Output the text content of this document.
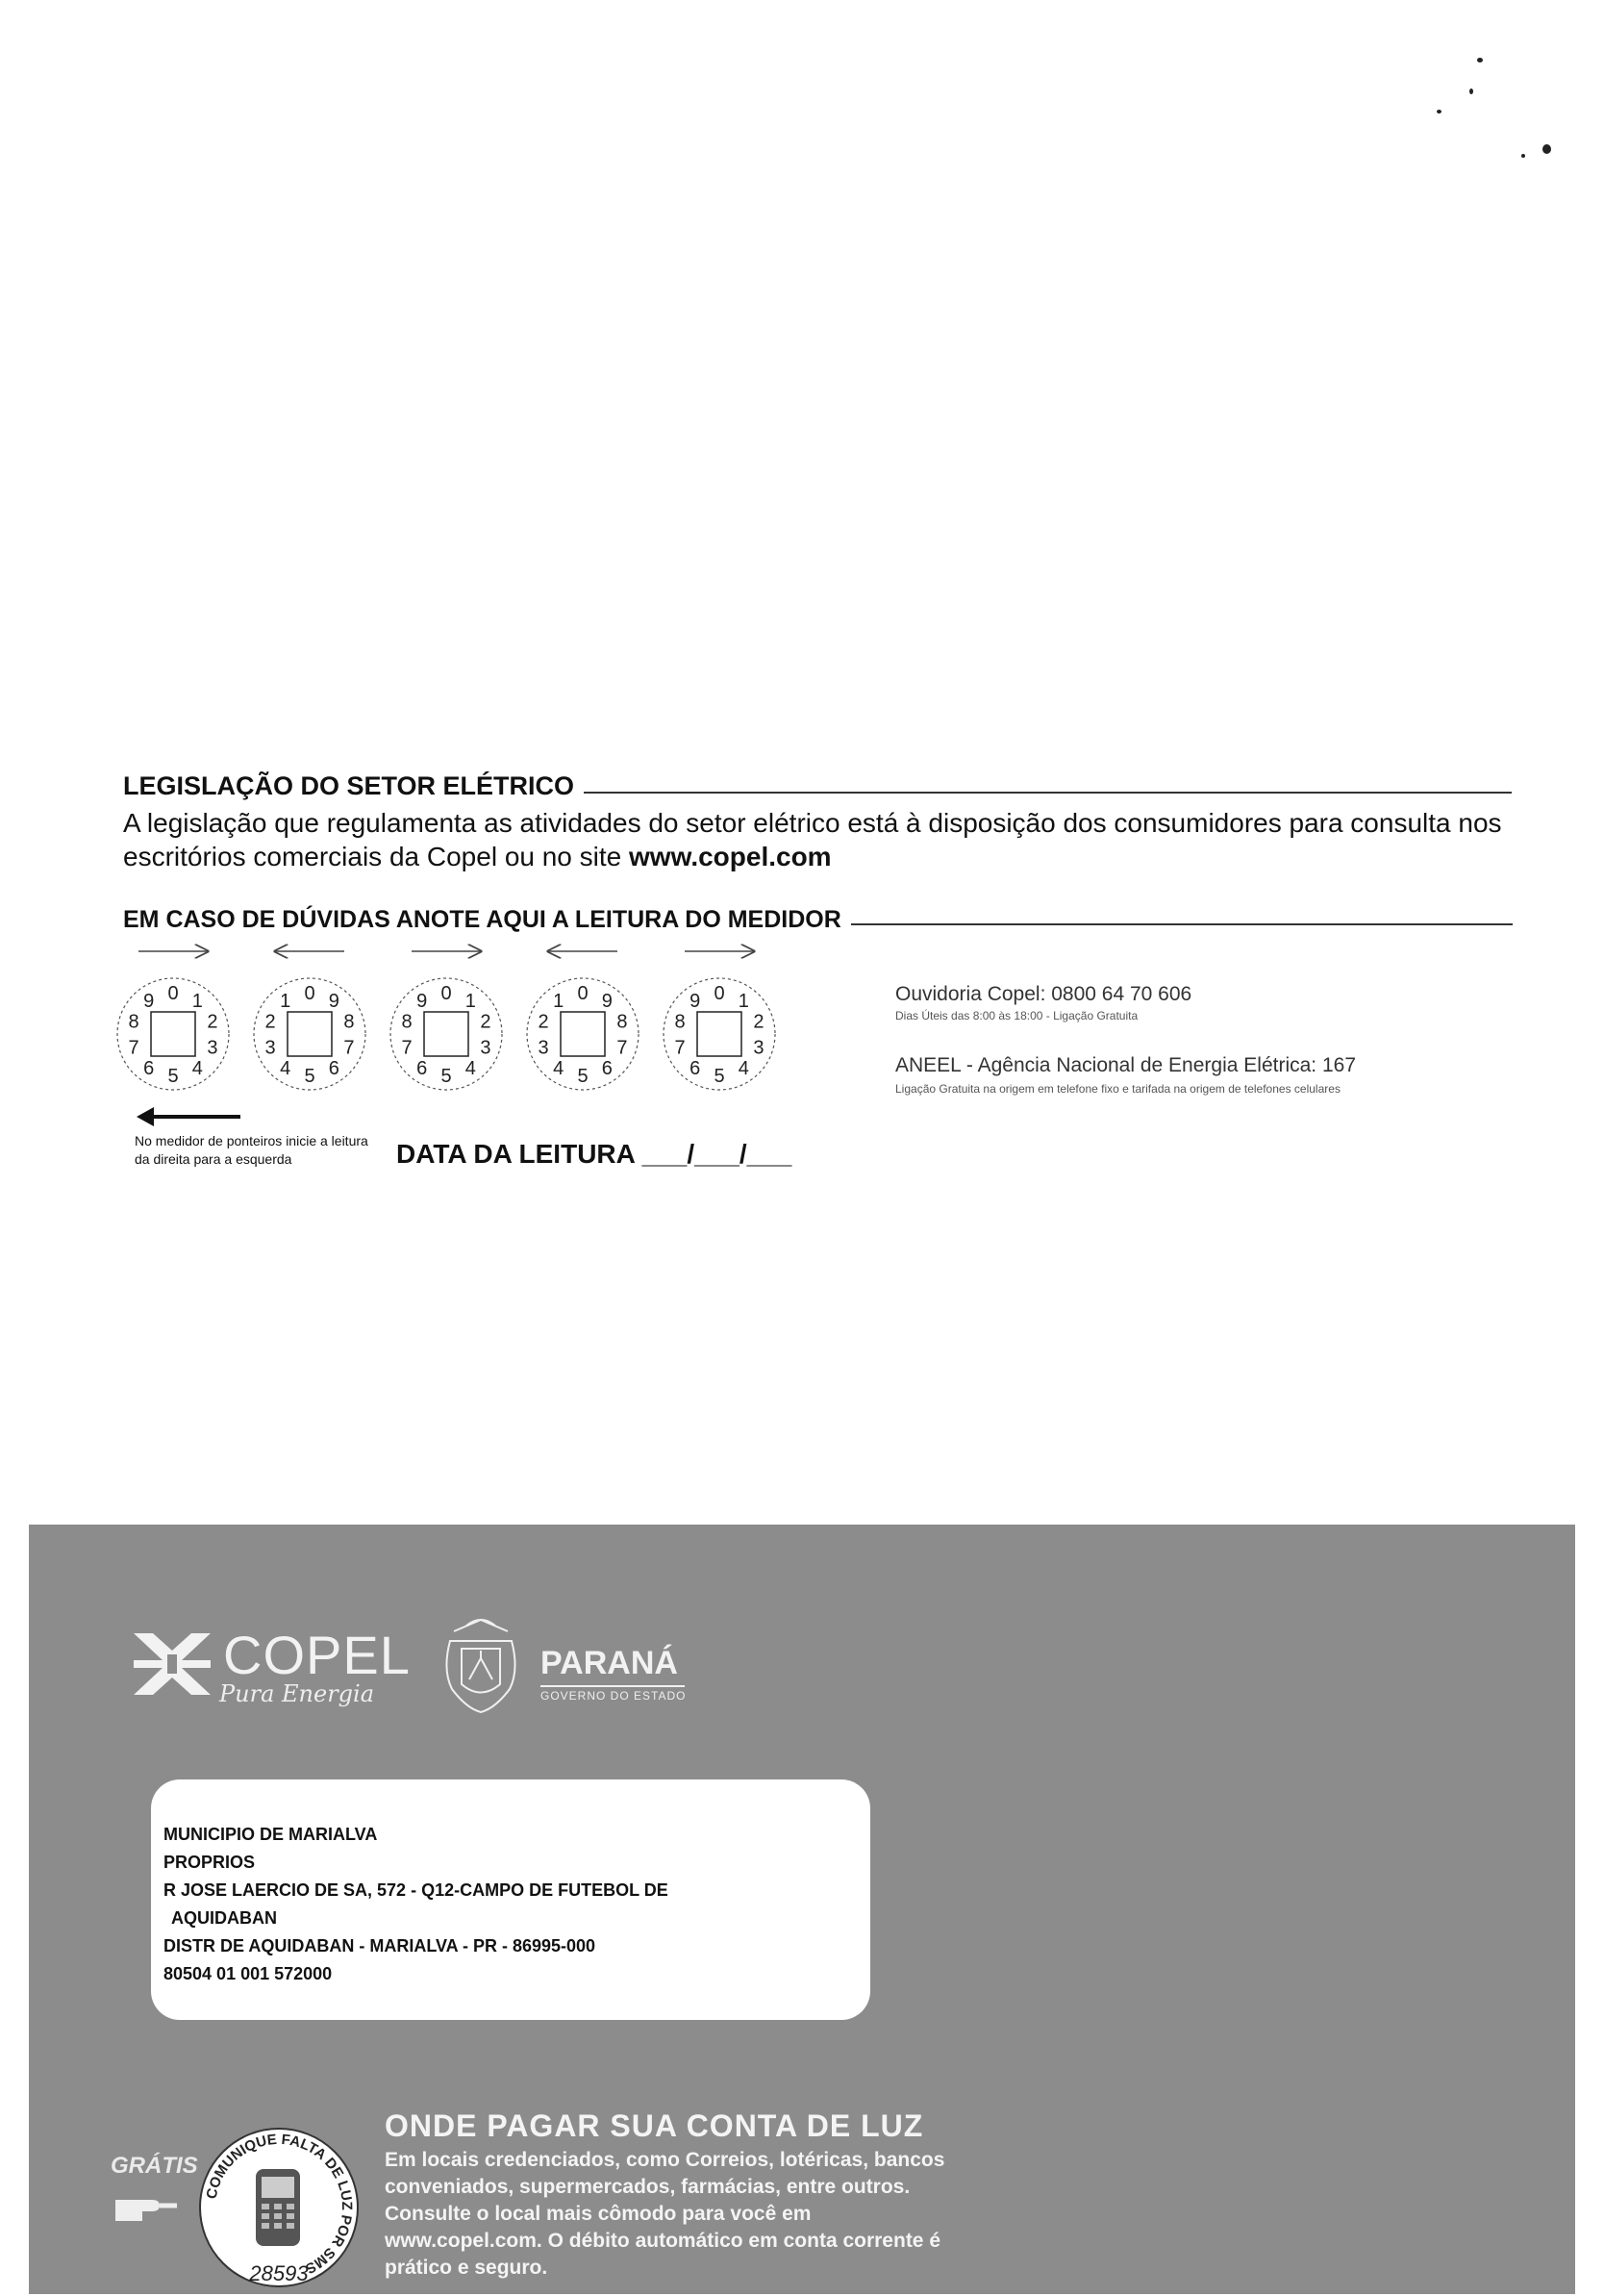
LEGISLAÇÃO DO SETOR ELÉTRICO
A legislação que regulamenta as atividades do setor elétrico está à disposição dos consumidores para consulta nos escritórios comerciais da Copel ou no site www.copel.com
EM CASO DE DÚVIDAS ANOTE AQUI A LEITURA DO MEDIDOR
0 1
2
3
4
5
6
7
8
9	0
1
2
3
4 5 6
7
8
9	0 1
2
3
4
5
6
7
8
9	0
1
2
3
4 5 6
7
8
9	0 1
2
3
4
5
6
7
8
9
No medidor de ponteiros inicie a leitura da direita para a esquerda	DATA DA LEITURA ___/___/___
Ouvidoria Copel: 0800 64 70 606
Dias Úteis das 8:00 às 18:00 - Ligação Gratuita
ANEEL - Agência Nacional de Energia Elétrica: 167
Ligação Gratuita na origem em telefone fixo e tarifada na origem de telefones celulares
COPEL
Pura Energia
PARANÁ
GOVERNO DO ESTADO
MUNICIPIO DE MARIALVA
PROPRIOS
R JOSE LAERCIO DE SA, 572 - Q12-CAMPO DE FUTEBOL DE
AQUIDABAN
DISTR DE AQUIDABAN - MARIALVA - PR - 86995-000
80504 01 001 572000
GRÁTIS
COMUNIQUE FALTA DE LUZ POR SMS
28593
ONDE PAGAR SUA CONTA DE LUZ
Em locais credenciados, como Correios, lotéricas, bancos conveniados, supermercados, farmácias, entre outros. Consulte o local mais cômodo para você em www.copel.com. O débito automático em conta corrente é prático e seguro.
